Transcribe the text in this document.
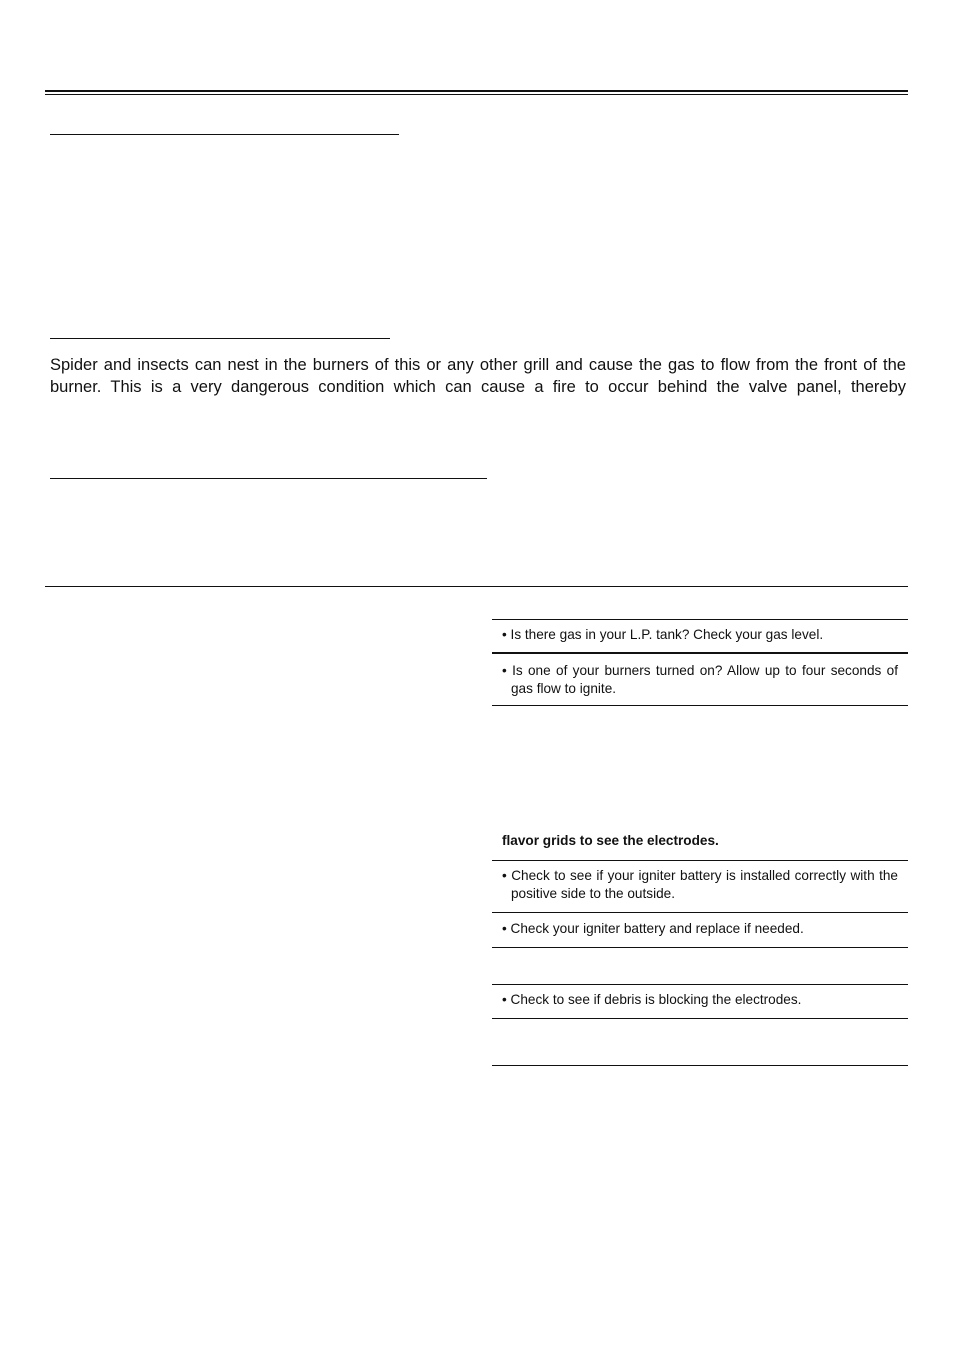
Spider and insects can nest in the burners of this or any other grill and cause the gas to flow from the front of the burner. This is a very dangerous condition which can cause a fire to occur behind the valve panel, thereby

• Is there gas in your L.P. tank? Check your gas level.
• Is one of your burners turned on? Allow up to four seconds of gas flow to ignite.
flavor grids to see the electrodes.
• Check to see if your igniter battery is installed correctly with the positive side to the outside.
• Check your igniter battery and replace if needed.
• Check to see if debris is blocking the electrodes.
